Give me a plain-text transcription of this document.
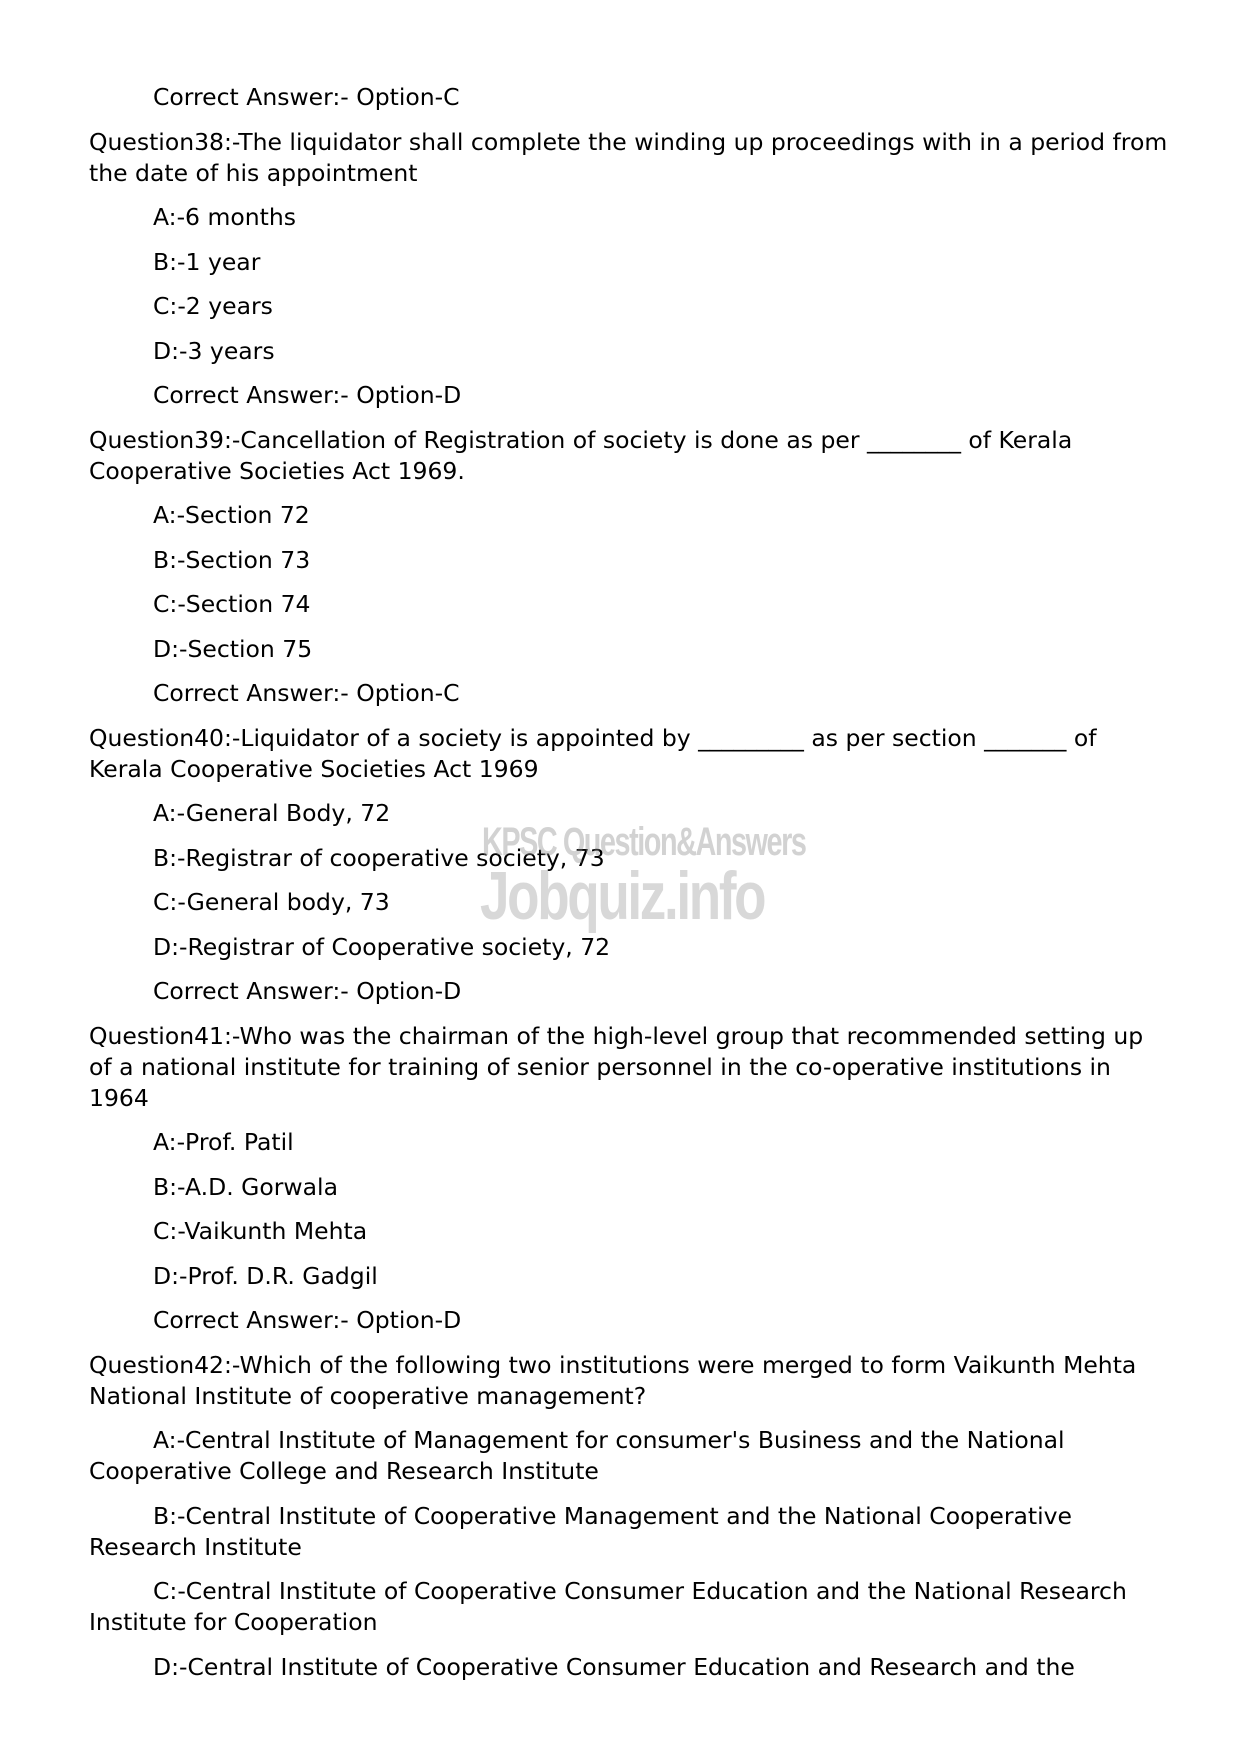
Correct Answer:- Option-C

Question38:-The liquidator shall complete the winding up proceedings with in a period from the date of his appointment

A:-6 months

B:-1 year

C:-2 years

D:-3 years

Correct Answer:- Option-D

Question39:-Cancellation of Registration of society is done as per ________ of Kerala Cooperative Societies Act 1969.

A:-Section 72

B:-Section 73

C:-Section 74

D:-Section 75

Correct Answer:- Option-C

Question40:-Liquidator of a society is appointed by _________ as per section _______ of Kerala Cooperative Societies Act 1969

A:-General Body, 72

B:-Registrar of cooperative society, 73

C:-General body, 73

D:-Registrar of Cooperative society, 72

Correct Answer:- Option-D

Question41:-Who was the chairman of the high-level group that recommended setting up of a national institute for training of senior personnel in the co-operative institutions in 1964

A:-Prof. Patil

B:-A.D. Gorwala

C:-Vaikunth Mehta

D:-Prof. D.R. Gadgil

Correct Answer:- Option-D

Question42:-Which of the following two institutions were merged to form Vaikunth Mehta National Institute of cooperative management?

A:-Central Institute of Management for consumer's Business and the National Cooperative College and Research Institute

B:-Central Institute of Cooperative Management and the National Cooperative Research Institute

C:-Central Institute of Cooperative Consumer Education and the National Research Institute for Cooperation

D:-Central Institute of Cooperative Consumer Education and Research and the

KPSC Question&Answers
Jobquiz.info
